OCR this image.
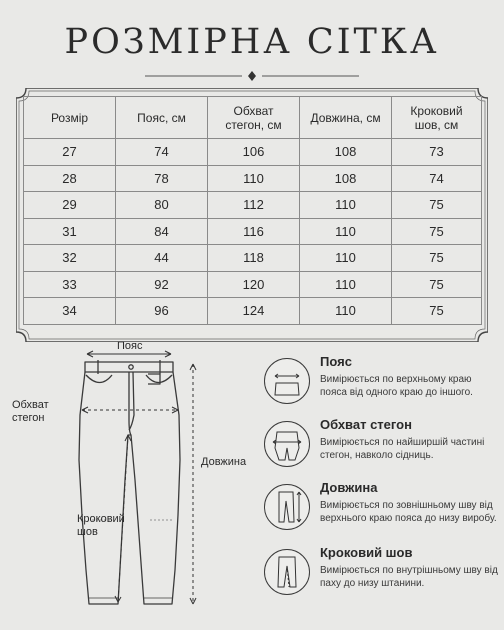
РОЗМІРНА СІТКА
Розмір	Пояс, см	Обхват стегон, см	Довжина, см	Кроковий шов, см

27	74	106	108	73
28	78	110	108	74
29	80	112	110	75
31	84	116	110	75
32	44	118	110	75
33	92	120	110	75
34	96	124	110	75
Пояс
Обхват стегон
Довжина
Кроковий шов
Пояс
Вимірюється по верхньому краю пояса від одного краю до іншого.
Обхват стегон
Вимірюється по найширшій частині стегон, навколо сідниць.
Довжина
Вимірюється по зовнішньому шву від верхнього краю пояса до низу виробу.
Кроковий шов
Вимірюється по внутрішньому шву від паху до низу штанини.
